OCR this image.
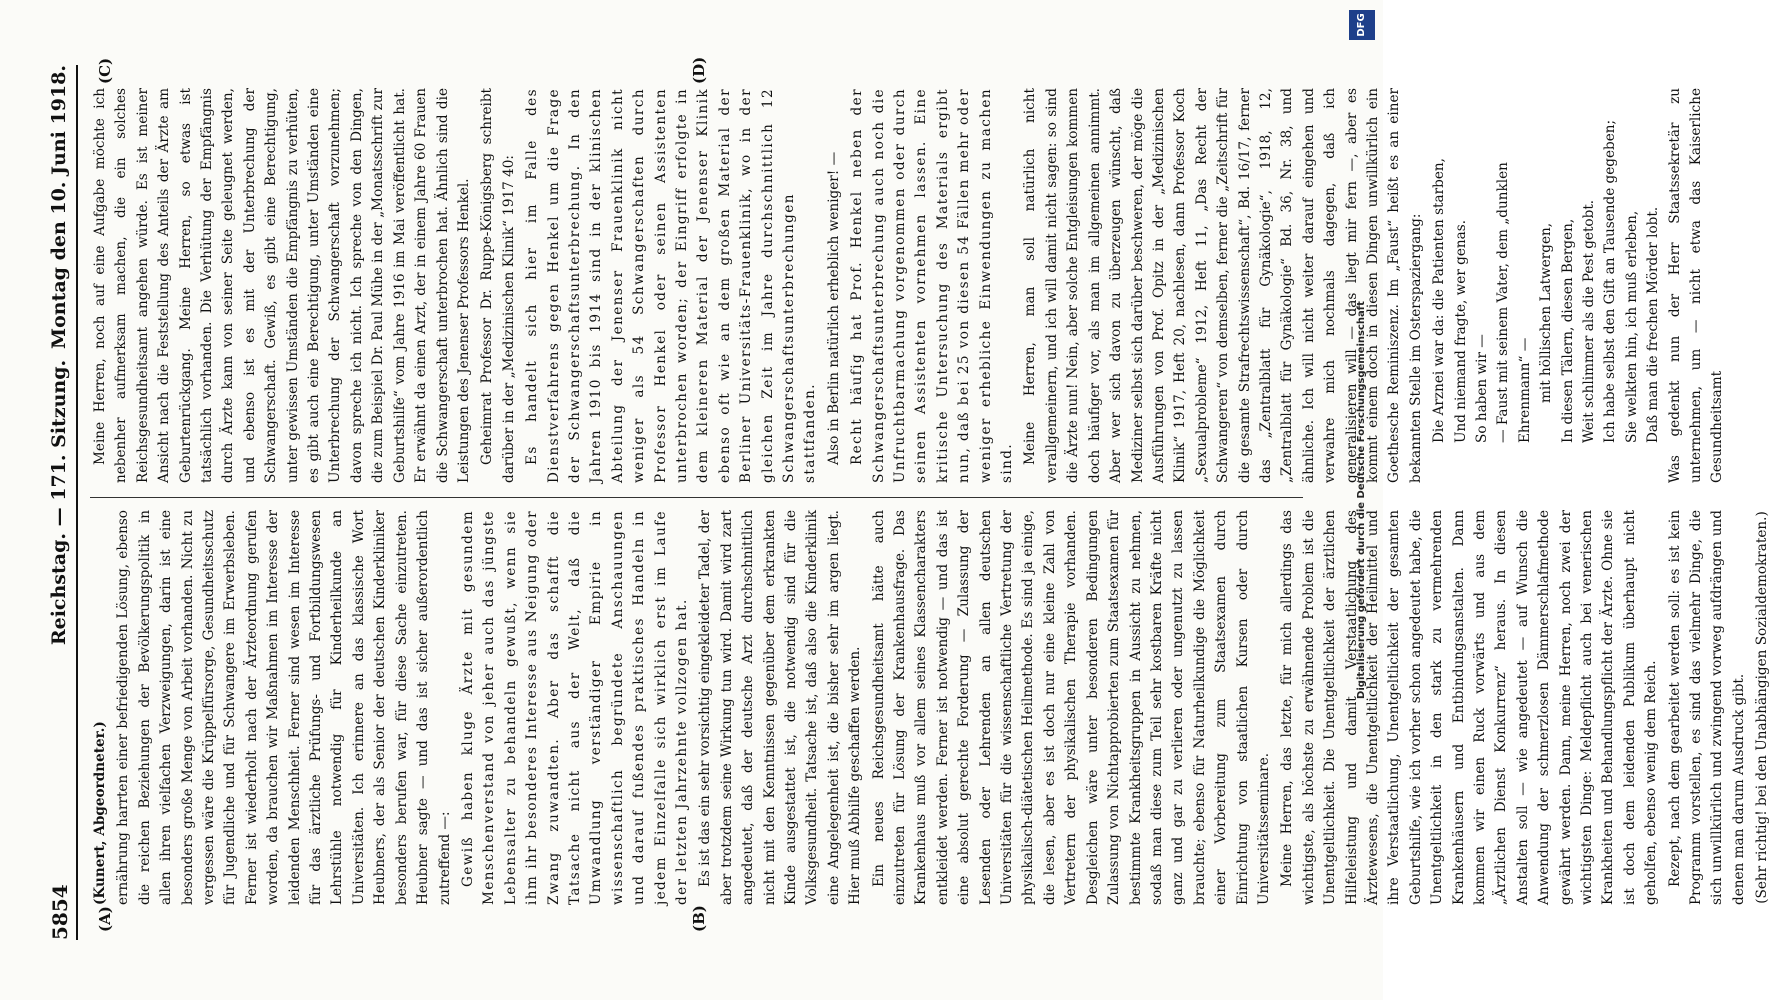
5854
Reichstag. — 171. Sitzung.
Montag den 10. Juni 1918.
(A)	(B)
(C)	(D)

(Kunert, Abgeordneter.) ernährung harrten einer befriedigenden Lösung, ebenso die reichen Beziehungen der Bevölkerungspolitik in allen ihren vielfachen Verzweigungen, darin ist eine besonders große Menge von Arbeit vorhanden. Nicht zu vergessen wäre die Krüppelfürsorge, Gesundheitsschutz für Jugendliche und für Schwangere im Erwerbsleben. Ferner ist wiederholt nach der Ärzteordnung gerufen worden, da brauchen wir Maßnahmen im Interesse der leidenden Menschheit. Ferner sind wesen im Interesse für das ärztliche Prüfungs- und Fortbildungswesen Lehrstühle notwendig für Kinderheilkunde an Universitäten. Ich erinnere an das klassische Wort Heubners, der als Senior der deutschen Kinderkliniker besonders berufen war, für diese Sache einzutreten. Heubner sagte — und das ist sicher außerordentlich zutreffend —: Gewiß haben kluge Ärzte mit gesundem Menschenverstand von jeher auch das jüngste Lebensalter zu behandeln gewußt, wenn sie ihm ihr besonderes Interesse aus Neigung oder Zwang zuwandten. Aber das schafft die Tatsache nicht aus der Welt, daß die Umwandlung verständiger Empirie in wissenschaftlich begründete Anschauungen und darauf fußendes praktisches Handeln in jedem Einzelfalle sich wirklich erst im Laufe der letzten Jahrzehnte vollzogen hat. Es ist das ein sehr vorsichtig eingekleideter Tadel, der aber trotzdem seine Wirkung tun wird. Damit wird zart angedeutet, daß der deutsche Arzt durchschnittlich nicht mit den Kenntnissen gegenüber dem erkrankten Kinde ausgestattet ist, die notwendig sind für die Volksgesundheit. Tatsache ist, daß also die Kinderklinik eine Angelegenheit ist, die bisher sehr im argen liegt. Hier muß Abhilfe geschaffen werden. Ein neues Reichsgesundheitsamt hätte auch einzutreten für Lösung der Krankenhausfrage. Das Krankenhaus muß vor allem seines Klassencharakters entkleidet werden. Ferner ist notwendig — und das ist eine absolut gerechte Forderung — Zulassung der Lesenden oder Lehrenden an allen deutschen Universitäten für die wissenschaftliche Vertretung der physikalisch-diätetischen Heilmethode. Es sind ja einige, die lesen, aber es ist doch nur eine kleine Zahl von Vertretern der physikalischen Therapie vorhanden. Desgleichen wäre unter besonderen Bedingungen Zulassung von Nichtapprobierten zum Staatsexamen für bestimmte Krankheitsgruppen in Aussicht zu nehmen, sodaß man diese zum Teil sehr kostbaren Kräfte nicht ganz und gar zu verlieren oder ungenutzt zu lassen brauchte; ebenso für Naturheilkundige die Möglichkeit einer Vorbereitung zum Staatsexamen durch Einrichtung von staatlichen Kursen oder durch Universitätsseminare. Meine Herren, das letzte, für mich allerdings das wichtigste, als höchste zu erwähnende Problem ist die Unentgeltlichkeit. Die Unentgeltlichkeit der ärztlichen Hilfeleistung und damit Verstaatlichung des Ärztewesens, die Unentgeltlichkeit der Heilmittel und ihre Verstaatlichung, Unentgeltlichkeit der gesamten Geburtshilfe, wie ich vorher schon angedeutet habe, die Unentgeltlichkeit in den stark zu vermehrenden Krankenhäusern und Entbindungsanstalten. Dann kommen wir einen Ruck vorwärts und aus dem „Ärztlichen Dienst Konkurrenz“ heraus. In diesen Anstalten soll — wie angedeutet — auf Wunsch die Anwendung der schmerzlosen Dämmerschlafmethode gewährt werden. Dann, meine Herren, noch zwei der wichtigsten Dinge: Meldepflicht auch bei venerischen Krankheiten und Behandlungspflicht der Ärzte. Ohne sie ist doch dem leidenden Publikum überhaupt nicht geholfen, ebenso wenig dem Reich. Rezept, nach dem gearbeitet werden soll: es ist kein Programm vorstellen, es sind das vielmehr Dinge, die sich unwillkürlich und zwingend vorweg aufdrängen und denen man darum Ausdruck gibt. (Sehr richtig! bei den Unabhängigen Sozialdemokraten.)

Meine Herren, noch auf eine Aufgabe möchte ich nebenher aufmerksam machen, die ein solches Reichsgesundheitsamt angehen würde. Es ist meiner Ansicht nach die Feststellung des Anteils der Ärzte am Geburtenrückgang. Meine Herren, so etwas ist tatsächlich vorhanden. Die Verhütung der Empfängnis durch Ärzte kann von seiner Seite geleugnet werden, und ebenso ist es mit der Unterbrechung der Schwangerschaft. Gewiß, es gibt eine Berechtigung, unter gewissen Umständen die Empfängnis zu verhüten, es gibt auch eine Berechtigung, unter Umständen eine Unterbrechung der Schwangerschaft vorzunehmen; davon spreche ich nicht. Ich spreche von den Dingen, die zum Beispiel Dr. Paul Mühe in der „Monatsschrift zur Geburtshilfe“ vom Jahre 1916 im Mai veröffentlicht hat. Er erwähnt da einen Arzt, der in einem Jahre 60 Frauen die Schwangerschaft unterbrochen hat. Ähnlich sind die Leistungen des Jenenser Professors Henkel. Geheimrat Professor Dr. Ruppe-Königsberg schreibt darüber in der „Medizinischen Klinik“ 1917 40: Es handelt sich hier im Falle des Dienstverfahrens gegen Henkel um die Frage der Schwangerschaftsunterbrechung. In den Jahren 1910 bis 1914 sind in der klinischen Abteilung der Jenenser Frauenklinik nicht weniger als 54 Schwangerschaften durch Professor Henkel oder seinen Assistenten unterbrochen worden; der Eingriff erfolgte in dem kleineren Material der Jenenser Klinik ebenso oft wie an dem großen Material der Berliner Universitäts-Frauenklinik, wo in der gleichen Zeit im Jahre durchschnittlich 12 Schwangerschaftsunterbrechungen stattfanden. Also in Berlin natürlich erheblich weniger! — Recht häufig hat Prof. Henkel neben der Schwangerschaftsunterbrechung auch noch die Unfruchtbarmachung vorgenommen oder durch seinen Assistenten vornehmen lassen. Eine kritische Untersuchung des Materials ergibt nun, daß bei 25 von diesen 54 Fällen mehr oder weniger erhebliche Einwendungen zu machen sind. Meine Herren, man soll natürlich nicht verallgemeinern, und ich will damit nicht sagen: so sind die Ärzte nun! Nein, aber solche Entgleisungen kommen doch häufiger vor, als man im allgemeinen annimmt. Aber wer sich davon zu überzeugen wünscht, daß Mediziner selbst sich darüber beschweren, der möge die Ausführungen von Prof. Opitz in der „Medizinischen Klinik“ 1917, Heft 20, nachlesen, dann Professor Koch „Sexualprobleme“ 1912, Heft 11, „Das Recht der Schwangeren“ von demselben, ferner die „Zeitschrift für die gesamte Strafrechtswissenschaft“, Bd. 16/17, ferner das „Zentralblatt für Gynäkologie“, 1918, 12, „Zentralblatt für Gynäkologie“ Bd. 36, Nr. 38, und ähnliche. Ich will nicht weiter darauf eingehen und verwahre mich nochmals dagegen, daß ich generalisieren will — das liegt mir fern —, aber es kommt einem doch in diesen Dingen unwillkürlich ein Goethesche Reminiszenz. Im „Faust“ heißt es an einer bekannten Stelle im Osterspaziergang: Die Arznei war da: die Patienten starben, Und niemand fragte, wer genas. So haben wir — — Faust mit seinem Vater, dem „dunklen Ehrenmann“ — mit höllischen Latwergen, In diesen Tälern, diesen Bergen, Weit schlimmer als die Pest getobt. Ich habe selbst den Gift an Tausende gegeben; Sie welkten hin, ich muß erleben, Daß man die frechen Mörder lobt. Was gedenkt nun der Herr Staatssekretär zu unternehmen, um — nicht etwa das Kaiserliche Gesundheitsamt

Digitalisierung gefördert durch die Deutsche Forschungsgemeinschaft
DFG
